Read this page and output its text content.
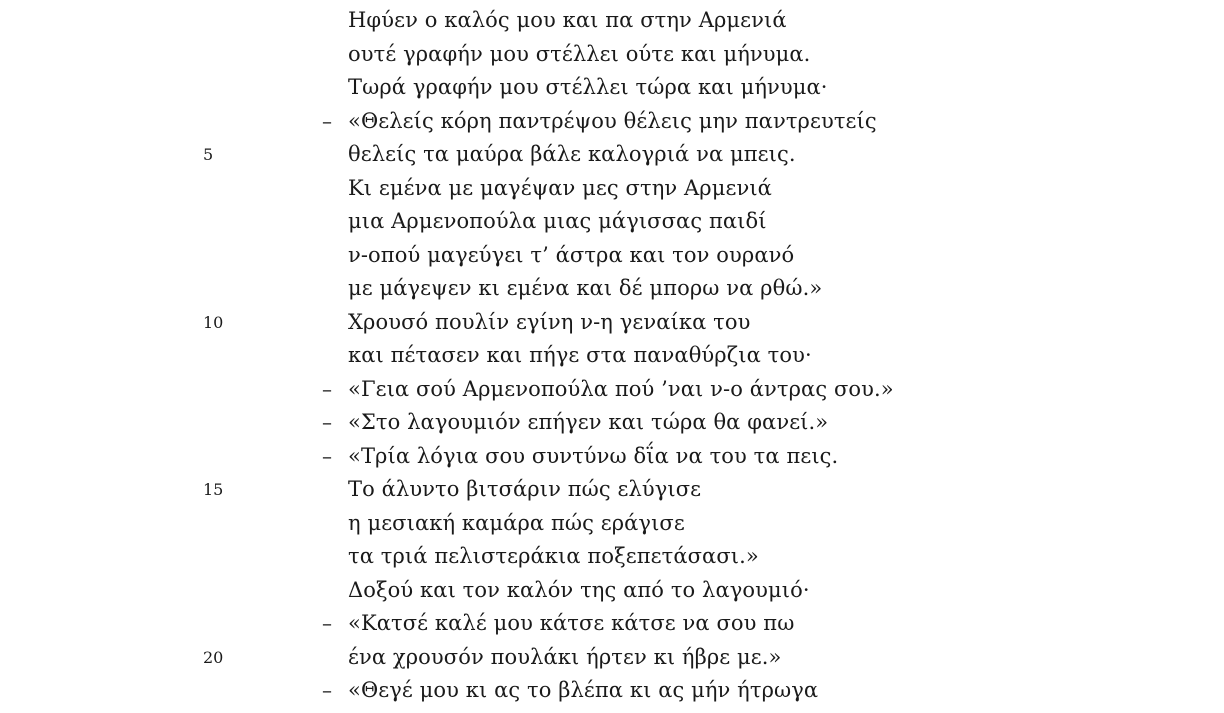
Ηφύεν ο καλός μου και πα στην Αρμενιά
ουτέ γραφήν μου στέλλει ούτε και μήνυμα.
Τωρά γραφήν μου στέλλει τώρα και μήνυμα·
– «Θελείς κόρη παντρέψου θέλεις μην παντρευτείς
5	θελείς τα μαύρα βάλε καλογριά να μπεις.
Κι εμένα με μαγέψαν μες στην Αρμενιά
μια Αρμενοπούλα μιας μάγισσας παιδί
ν-οπού μαγεύγει τ’ άστρα και τον ουρανό
με μάγεψεν κι εμένα και δέ μπορω να ρθώ.»
10	Χρουσό πουλίν εγίνη ν-η γεναίκα του
και πέτασεν και πήγε στα παναθύρζια του·
– «Γεια σού Αρμενοπούλα πού ’ναι ν-ο άντρας σου.»
– «Στο λαγουμιόν επήγεν και τώρα θα φανεί.»
– «Τρία λόγια σου συντύνω δΐα να του τα πεις.
15	Το άλυντο βιτσάριν πώς ελύγισε
η μεσιακή καμάρα πώς εράγισε
τα τριά πελιστεράκια ποξεπετάσασι.»
Δοξού και τον καλόν της από το λαγουμιό·
– «Κατσέ καλέ μου κάτσε κάτσε να σου πω
20	ένα χρουσόν πουλάκι ήρτεν κι ήβρε με.»
– «Θεγέ μου κι ας το βλέπα κι ας μήν ήτρωγα
